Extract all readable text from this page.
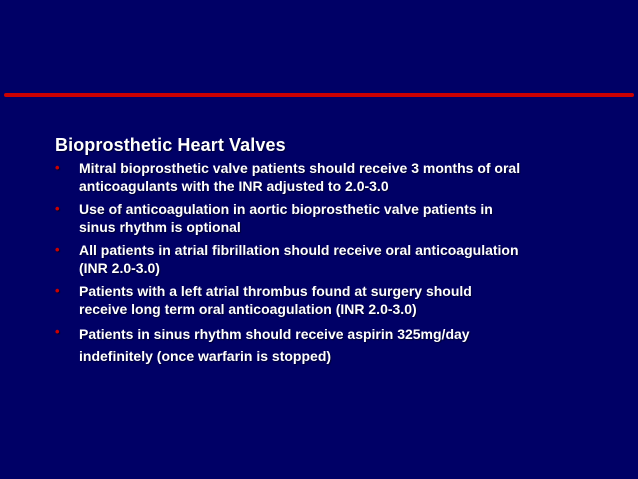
Bioprosthetic Heart Valves
• Mitral bioprosthetic valve patients should receive 3 months of oral
anticoagulants with the INR adjusted to 2.0-3.0
• Use of anticoagulation in aortic bioprosthetic valve patients in
sinus rhythm is optional
• All patients in atrial fibrillation should receive oral anticoagulation
(INR 2.0-3.0)
• Patients with a left atrial thrombus found at surgery should
receive long term oral anticoagulation (INR 2.0-3.0)
• Patients in sinus rhythm should receive aspirin 325mg/day
indefinitely (once warfarin is stopped)
